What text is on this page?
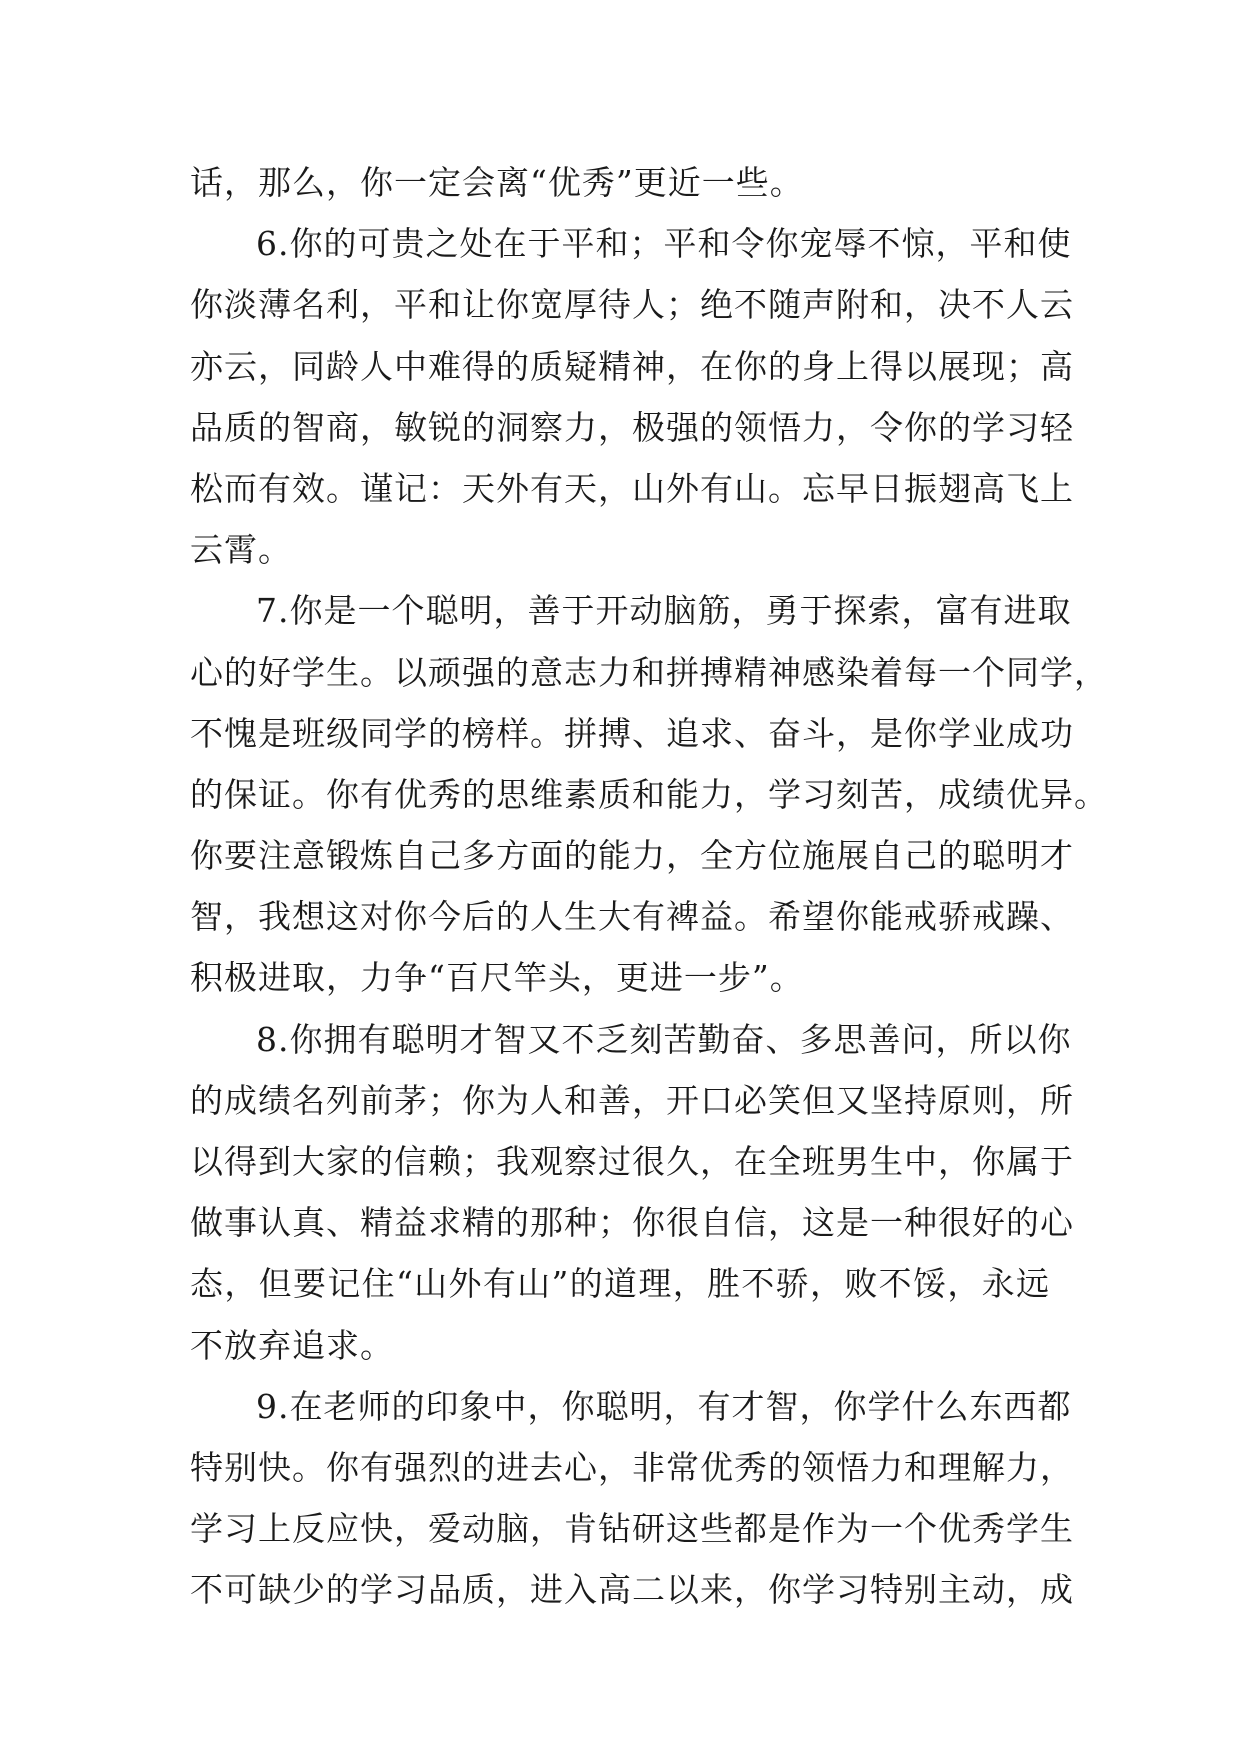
话，那么，你一定会离“优秀”更近一些。
6.你的可贵之处在于平和；平和令你宠辱不惊，平和使
你淡薄名利，平和让你宽厚待人；绝不随声附和，决不人云
亦云，同龄人中难得的质疑精神，在你的身上得以展现；高
品质的智商，敏锐的洞察力，极强的领悟力，令你的学习轻
松而有效。谨记：天外有天，山外有山。忘早日振翅高飞上
云霄。
7.你是一个聪明，善于开动脑筋，勇于探索，富有进取
心的好学生。以顽强的意志力和拼搏精神感染着每一个同学，
不愧是班级同学的榜样。拼搏、追求、奋斗，是你学业成功
的保证。你有优秀的思维素质和能力，学习刻苦，成绩优异。
你要注意锻炼自己多方面的能力，全方位施展自己的聪明才
智，我想这对你今后的人生大有裨益。希望你能戒骄戒躁、
积极进取，力争“百尺竿头，更进一步”。
8.你拥有聪明才智又不乏刻苦勤奋、多思善问，所以你
的成绩名列前茅；你为人和善，开口必笑但又坚持原则，所
以得到大家的信赖；我观察过很久，在全班男生中，你属于
做事认真、精益求精的那种；你很自信，这是一种很好的心
态，但要记住“山外有山”的道理，胜不骄，败不馁，永远
不放弃追求。
9.在老师的印象中，你聪明，有才智，你学什么东西都
特别快。你有强烈的进去心，非常优秀的领悟力和理解力，
学习上反应快，爱动脑，肯钻研这些都是作为一个优秀学生
不可缺少的学习品质，进入高二以来，你学习特别主动，成
